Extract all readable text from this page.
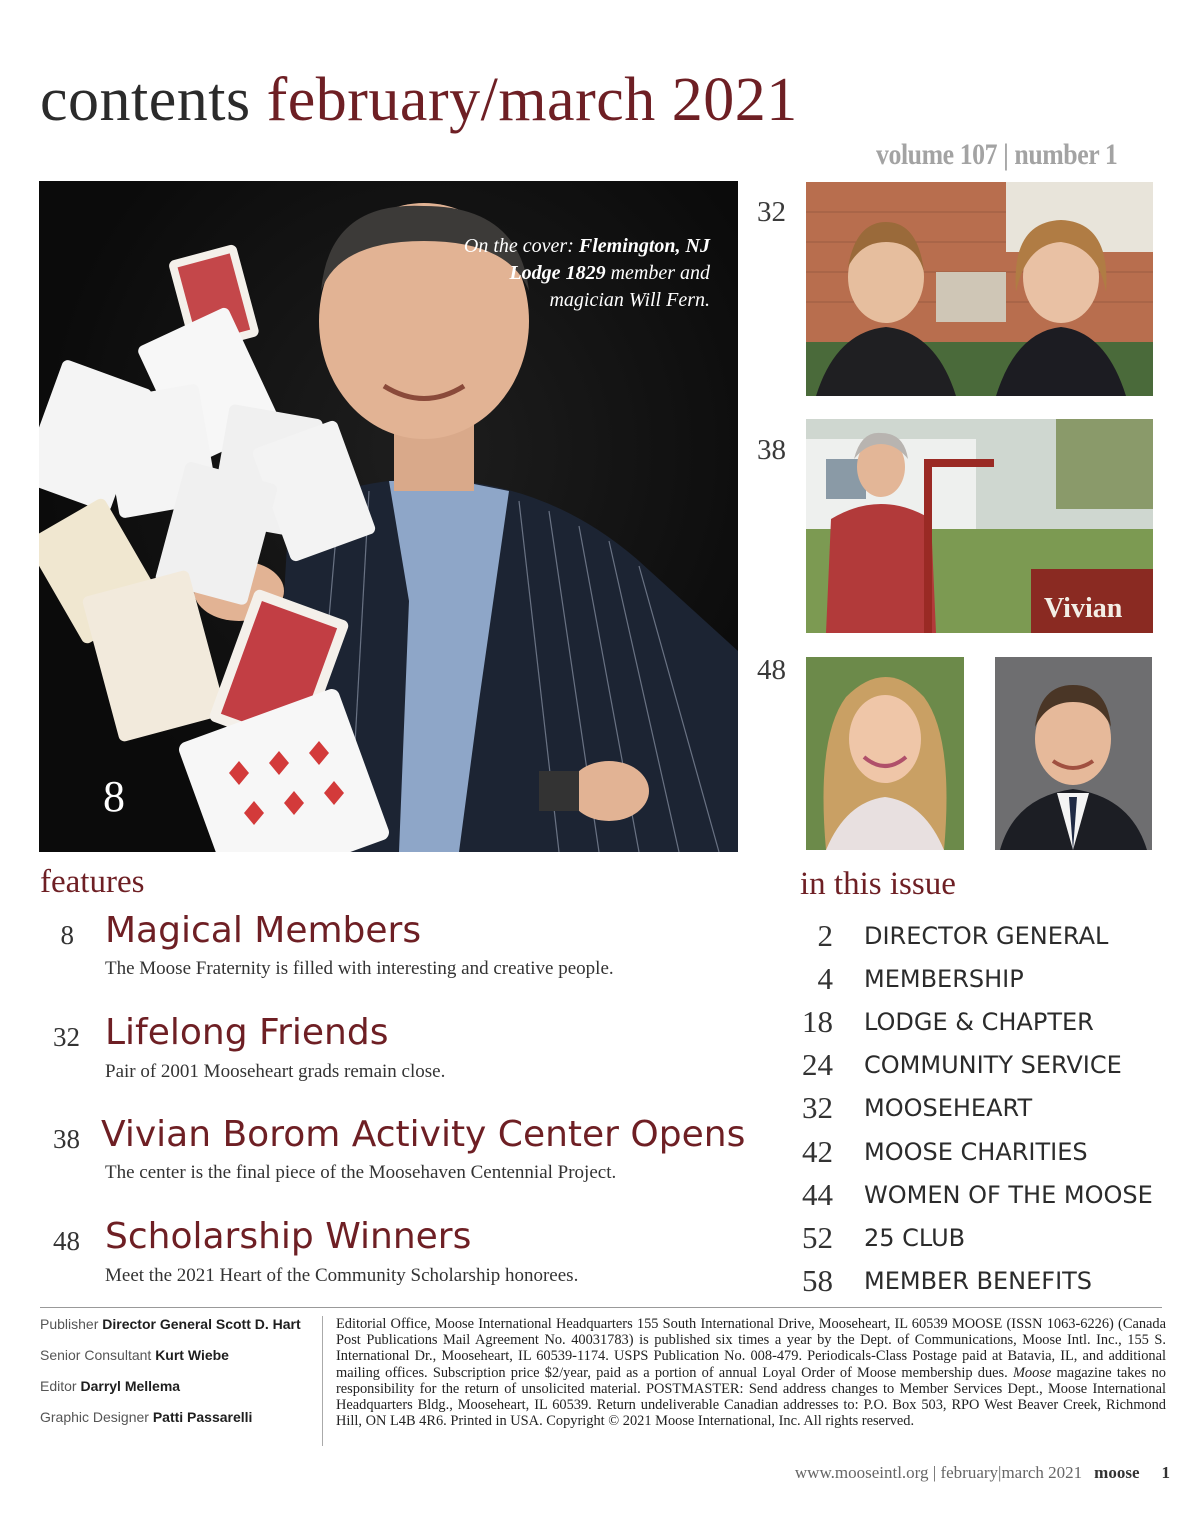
contents february/march 2021
volume 107 | number 1
On the cover: Flemington, NJ Lodge 1829 member and magician Will Fern.
8
32
38
Vivian
48
features
8 Magical Members
The Moose Fraternity is filled with interesting and creative people.
32 Lifelong Friends
Pair of 2001 Mooseheart grads remain close.
38 Vivian Borom Activity Center Opens
The center is the final piece of the Moosehaven Centennial Project.
48 Scholarship Winners
Meet the 2021 Heart of the Community Scholarship honorees.
in this issue
2 DIRECTOR GENERAL
4 MEMBERSHIP
18 LODGE & CHAPTER
24 COMMUNITY SERVICE
32 MOOSEHEART
42 MOOSE CHARITIES
44 WOMEN OF THE MOOSE
52 25 CLUB
58 MEMBER BENEFITS
Publisher Director General Scott D. Hart
Senior Consultant Kurt Wiebe
Editor Darryl Mellema
Graphic Designer Patti Passarelli
Editorial Office, Moose International Headquarters 155 South International Drive, Mooseheart, IL 60539 MOOSE (ISSN 1063-6226) (Canada Post Publications Mail Agreement No. 40031783) is published six times a year by the Dept. of Communications, Moose Intl. Inc., 155 S. International Dr., Mooseheart, IL 60539-1174. USPS Publication No. 008-479. Periodicals-Class Postage paid at Batavia, IL, and additional mailing offices. Subscription price $2/year, paid as a portion of annual Loyal Order of Moose membership dues. Moose magazine takes no responsibility for the return of unsolicited material. POSTMASTER: Send address changes to Member Services Dept., Moose International Headquarters Bldg., Mooseheart, IL 60539. Return undeliverable Canadian addresses to: P.O. Box 503, RPO West Beaver Creek, Richmond Hill, ON L4B 4R6. Printed in USA. Copyright © 2021 Moose International, Inc. All rights reserved.
www.mooseintl.org | february|march 2021 moose 1
